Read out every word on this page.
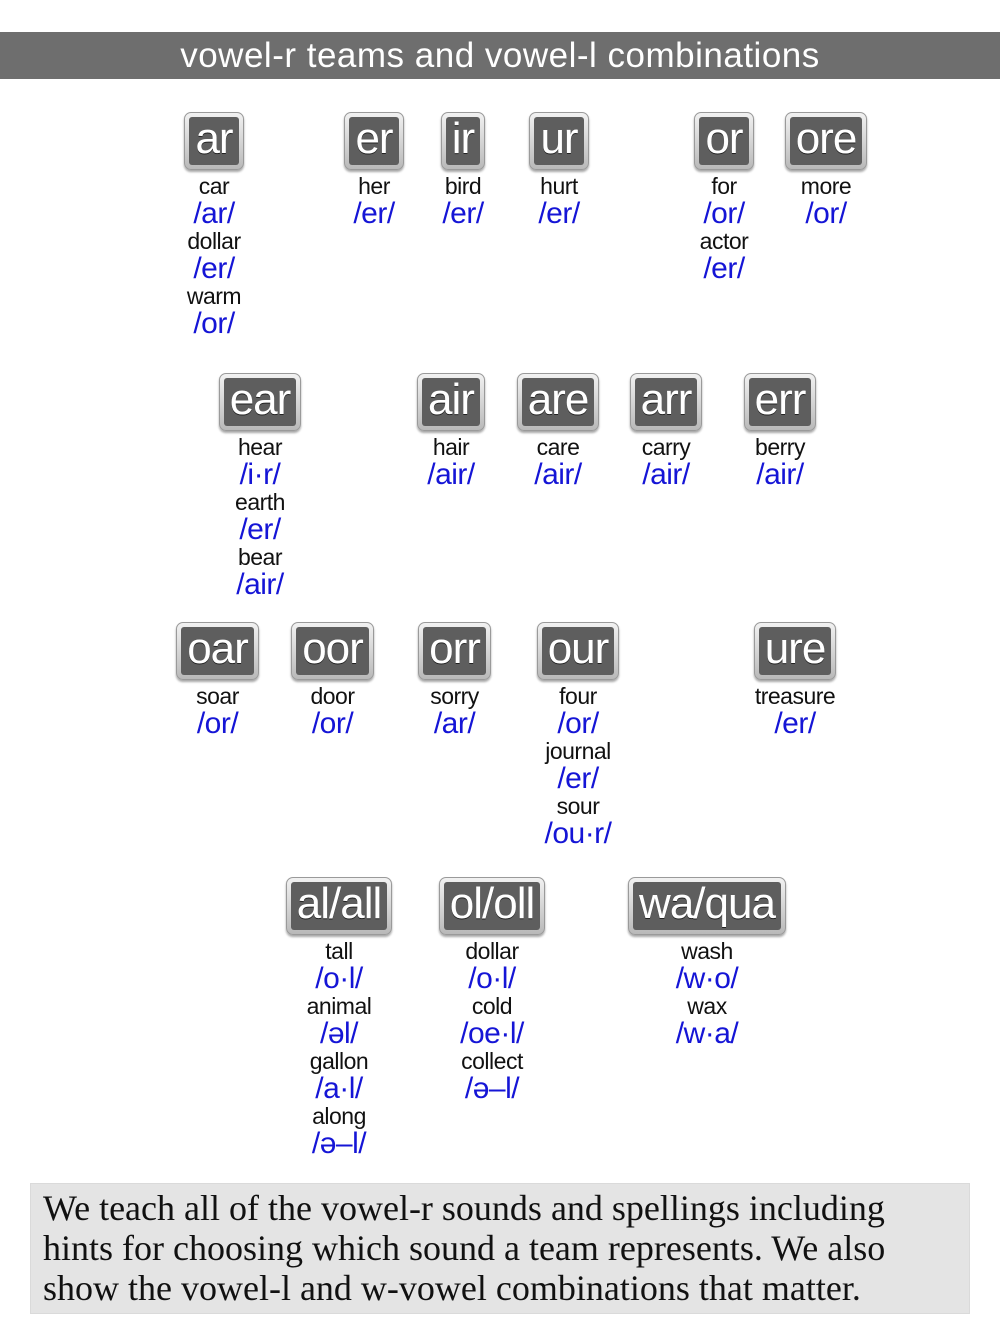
vowel-r teams and vowel-l combinations
ar
car
/ar/
dollar
/er/
warm
/or/
er
her
/er/
ir
bird
/er/
ur
hurt
/er/
or
for
/or/
actor
/er/
ore
more
/or/
ear
hear
/i·r/
earth
/er/
bear
/air/
air
hair
/air/
are
care
/air/
arr
carry
/air/
err
berry
/air/
oar
soar
/or/
oor
door
/or/
orr
sorry
/ar/
our
four
/or/
journal
/er/
sour
/ou·r/
ure
treasure
/er/
al/all
tall
/o·l/
animal
/əl/
gallon
/a·l/
along
/ə–l/
ol/oll
dollar
/o·l/
cold
/oe·l/
collect
/ə–l/
wa/qua
wash
/w·o/
wax
/w·a/
We teach all of the vowel-r sounds and spellings including hints for choosing which sound a team represents. We also show the vowel-l and w-vowel combinations that matter.
